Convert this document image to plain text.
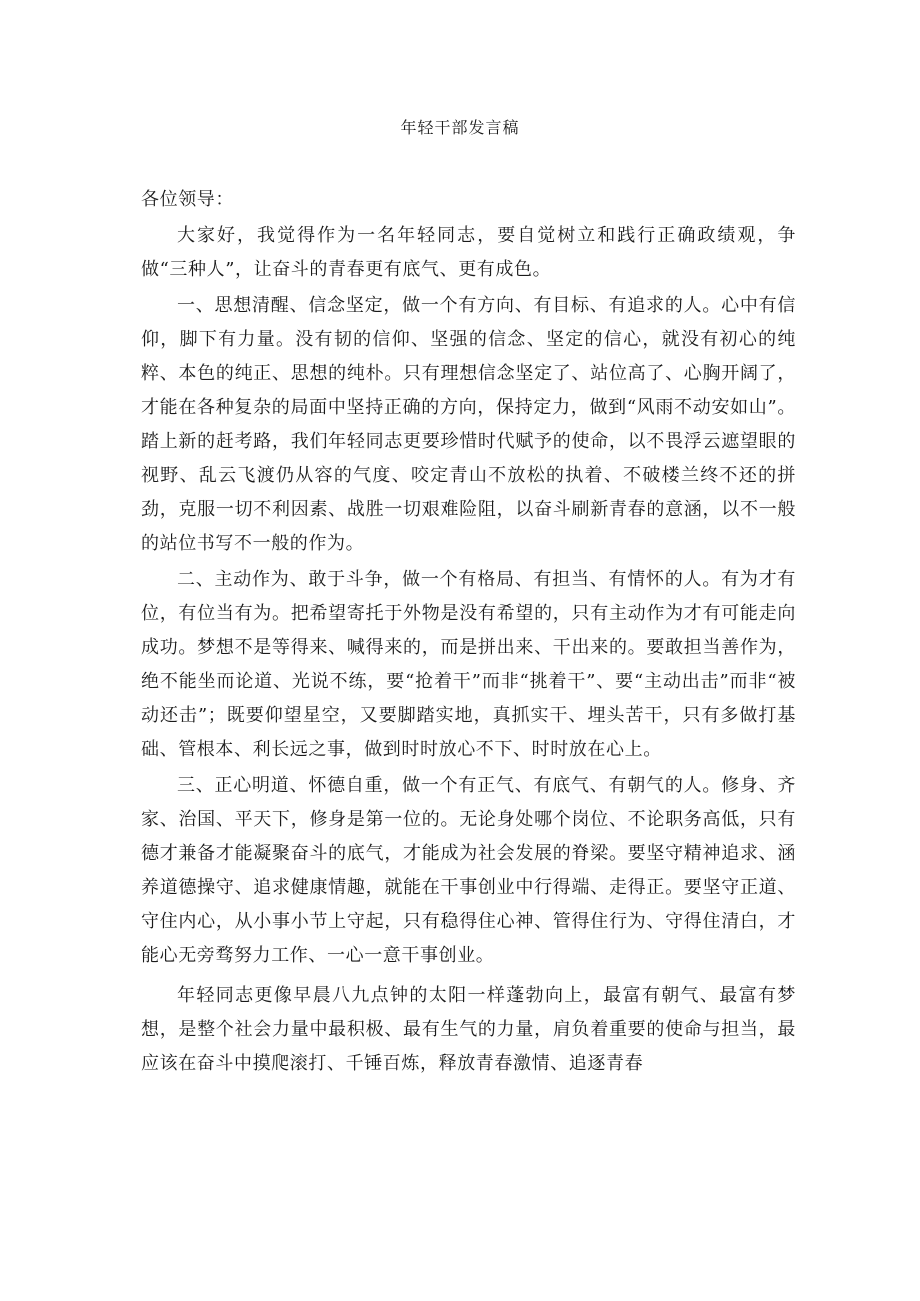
年轻干部发言稿

各位领导：

大家好，我觉得作为一名年轻同志，要自觉树立和践行正确政绩观，争做“三种人”，让奋斗的青春更有底气、更有成色。

一、思想清醒、信念坚定，做一个有方向、有目标、有追求的人。心中有信仰，脚下有力量。没有韧的信仰、坚强的信念、坚定的信心，就没有初心的纯粹、本色的纯正、思想的纯朴。只有理想信念坚定了、站位高了、心胸开阔了，才能在各种复杂的局面中坚持正确的方向，保持定力，做到“风雨不动安如山”。踏上新的赶考路，我们年轻同志更要珍惜时代赋予的使命，以不畏浮云遮望眼的视野、乱云飞渡仍从容的气度、咬定青山不放松的执着、不破楼兰终不还的拼劲，克服一切不利因素、战胜一切艰难险阻，以奋斗刷新青春的意涵，以不一般的站位书写不一般的作为。

二、主动作为、敢于斗争，做一个有格局、有担当、有情怀的人。有为才有位，有位当有为。把希望寄托于外物是没有希望的，只有主动作为才有可能走向成功。梦想不是等得来、喊得来的，而是拼出来、干出来的。要敢担当善作为，绝不能坐而论道、光说不练，要“抢着干”而非“挑着干”、要“主动出击”而非“被动还击”；既要仰望星空，又要脚踏实地，真抓实干、埋头苦干，只有多做打基础、管根本、利长远之事，做到时时放心不下、时时放在心上。

三、正心明道、怀德自重，做一个有正气、有底气、有朝气的人。修身、齐家、治国、平天下，修身是第一位的。无论身处哪个岗位、不论职务高低，只有德才兼备才能凝聚奋斗的底气，才能成为社会发展的脊梁。要坚守精神追求、涵养道德操守、追求健康情趣，就能在干事创业中行得端、走得正。要坚守正道、守住内心，从小事小节上守起，只有稳得住心神、管得住行为、守得住清白，才能心无旁骛努力工作、一心一意干事创业。

年轻同志更像早晨八九点钟的太阳一样蓬勃向上，最富有朝气、最富有梦想，是整个社会力量中最积极、最有生气的力量，肩负着重要的使命与担当，最应该在奋斗中摸爬滚打、千锤百炼，释放青春激情、追逐青春
